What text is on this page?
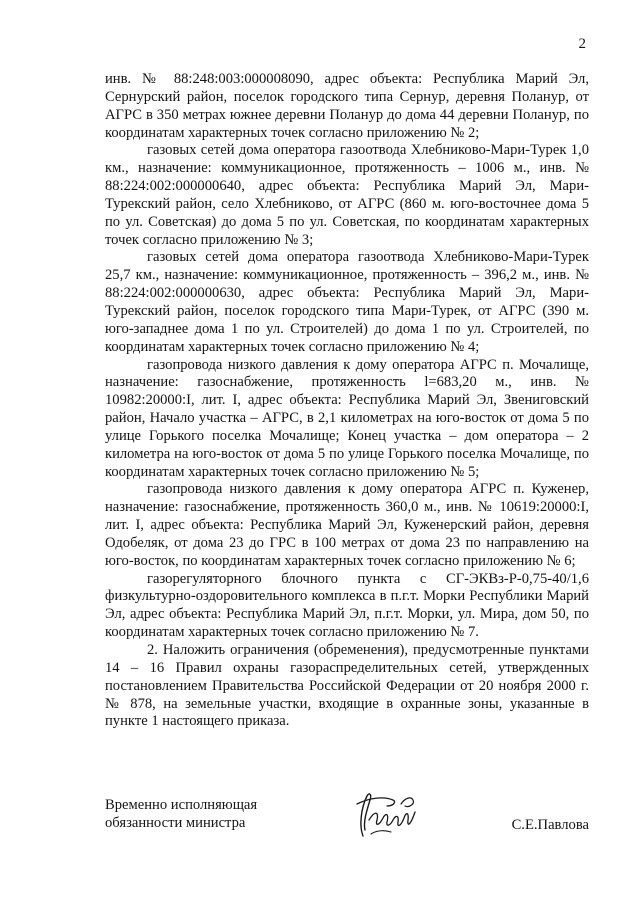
2

инв. № 88:248:003:000008090, адрес объекта: Республика Марий Эл, Сернурский район, поселок городского типа Сернур, деревня Поланур, от АГРС в 350 метрах южнее деревни Поланур до дома 44 деревни Поланур, по координатам характерных точек согласно приложению № 2;

газовых сетей дома оператора газоотвода Хлебниково-Мари-Турек 1,0 км., назначение: коммуникационное, протяженность – 1006 м., инв. № 88:224:002:000000640, адрес объекта: Республика Марий Эл, Мари-Турекский район, село Хлебниково, от АГРС (860 м. юго-восточнее дома 5 по ул. Советская) до дома 5 по ул. Советская, по координатам характерных точек согласно приложению № 3;

газовых сетей дома оператора газоотвода Хлебниково-Мари-Турек 25,7 км., назначение: коммуникационное, протяженность – 396,2 м., инв. № 88:224:002:000000630, адрес объекта: Республика Марий Эл, Мари-Турекский район, поселок городского типа Мари-Турек, от АГРС (390 м. юго-западнее дома 1 по ул. Строителей) до дома 1 по ул. Строителей, по координатам характерных точек согласно приложению № 4;

газопровода низкого давления к дому оператора АГРС п. Мочалище, назначение: газоснабжение, протяженность l=683,20 м., инв. № 10982:20000:I, лит. I, адрес объекта: Республика Марий Эл, Звениговский район, Начало участка – АГРС, в 2,1 километрах на юго-восток от дома 5 по улице Горького поселка Мочалище; Конец участка – дом оператора – 2 километра на юго-восток от дома 5 по улице Горького поселка Мочалище, по координатам характерных точек согласно приложению № 5;

газопровода низкого давления к дому оператора АГРС п. Куженер, назначение: газоснабжение, протяженность 360,0 м., инв. № 10619:20000:I, лит. I, адрес объекта: Республика Марий Эл, Куженерский район, деревня Одобеляк, от дома 23 до ГРС в 100 метрах от дома 23 по направлению на юго-восток, по координатам характерных точек согласно приложению № 6;

газорегуляторного блочного пункта с СГ-ЭКВз-Р-0,75-40/1,6 физкультурно-оздоровительного комплекса в п.г.т. Морки Республики Марий Эл, адрес объекта: Республика Марий Эл, п.г.т. Морки, ул. Мира, дом 50, по координатам характерных точек согласно приложению № 7.

2. Наложить ограничения (обременения), предусмотренные пунктами 14 – 16 Правил охраны газораспределительных сетей, утвержденных постановлением Правительства Российской Федерации от 20 ноября 2000 г. № 878, на земельные участки, входящие в охранные зоны, указанные в пункте 1 настоящего приказа.

Временно исполняющая
обязанности министра	С.Е.Павлова
